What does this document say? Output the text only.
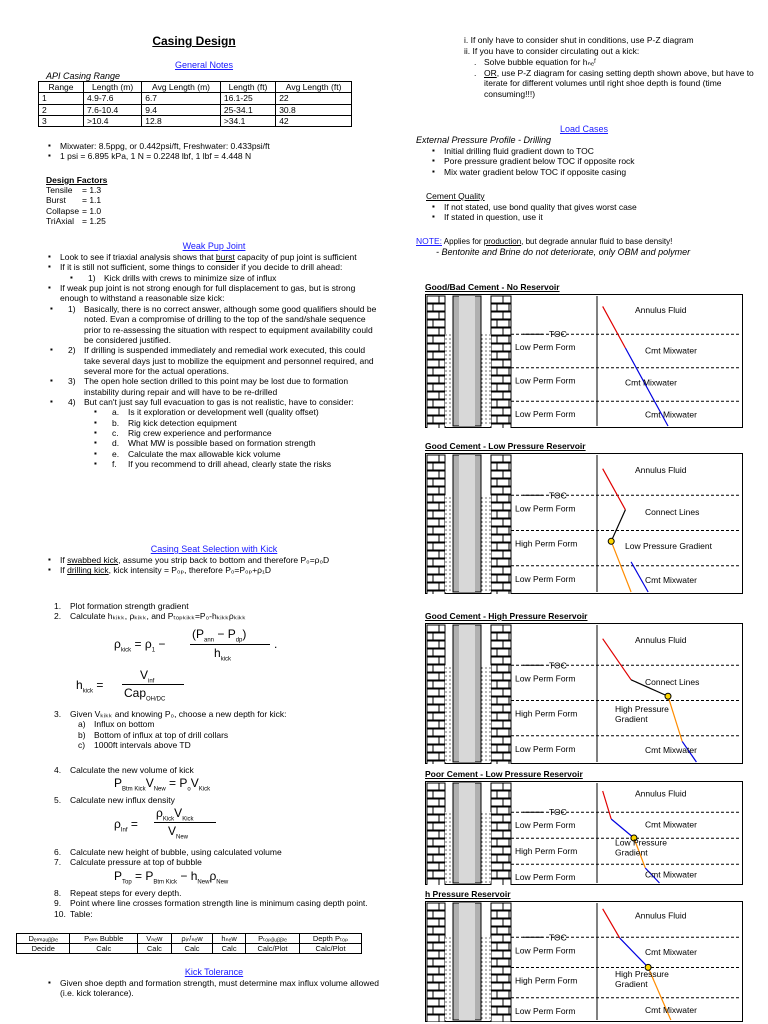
Casing Design
General Notes
API Casing Range
Range	Length (m)	Avg Length (m)	Length (ft)	Avg Length (ft)
1	4.9-7.6	6.7	16.1-25	22
2	7.6-10.4	9.4	25-34.1	30.8
3	>10.4	12.8	>34.1	42
▪ Mixwater: 8.5ppg, or 0.442psi/ft, Freshwater: 0.433psi/ft
▪ 1 psi = 6.895 kPa, 1 N = 0.2248 lbf, 1 lbf = 4.448 N
Design Factors
Tensile = 1.3
Burst = 1.1
Collapse = 1.0
TriAxial = 1.25
Weak Pup Joint
▪ Look to see if triaxial analysis shows that burst capacity of pup joint is sufficient
▪ If it is still not sufficient, some things to consider if you decide to drill ahead:
▪ 1) Kick drills with crews to minimize size of influx
▪ If weak pup joint is not strong enough for full displacement to gas, but is strong enough to withstand a reasonable size kick:
▪ 1) Basically, there is no correct answer, although some good qualifiers should be noted. Evan a compromise of drilling to the top of the sand/shale sequence prior to re-assessing the situation with respect to equipment availability could be considered justified.
▪ 2) If drilling is suspended immediately and remedial work executed, this could take several days just to mobilize the equipment and personnel required, and several more for the actual operations.
▪ 3) The open hole section drilled to this point may be lost due to formation instability during repair and will have to be re-drilled
▪ 4) But can't just say full evacuation to gas is not realistic, have to consider:
▪ a. Is it exploration or development well (quality offset)
▪ b. Rig kick detection equipment
▪ c. Rig crew experience and performance
▪ d. What MW is possible based on formation strength
▪ e. Calculate the max allowable kick volume
▪ f. If you recommend to drill ahead, clearly state the risks
Casing Seat Selection with Kick
▪ If swabbed kick, assume you strip back to bottom and therefore P₀=ρ₀D
▪ If drilling kick, kick intensity = P₀ₚ, therefore P₀=P₀ₚ+ρ₁D
1. Plot formation strength gradient
2. Calculate hₖᵢₖₖ, ρₖᵢₖₖ, and Pₜₒₚₖᵢₖₖ=P₀-hₖᵢₖₖρₖᵢₖₖ
$\rho_{kick} = \rho_1$ −
$(P_{ann} - P_{dp})$
$h_{kick}$
.
$h_{kick}$ =
$V_{inf}$
Cap$_{OH/DC}$
3. Given Vₖᵢₖₖ and knowing P₀, choose a new depth for kick:
a) Influx on bottom
b) Bottom of influx at top of drill collars
c) 1000ft intervals above TD
4. Calculate the new volume of kick
$P_{Btm Kick}V_{New} = P_oV_{Kick}$
5. Calculate new influx density
$\rho_{Inf}$ =
$\rho_{Kick}V_{Kick}$
$V_{New}$
6. Calculate new height of bubble, using calculated volume
7. Calculate pressure at top of bubble
$P_{Top} = P_{Btm Kick} - h_{New}\rho_{New}$
8. Repeat steps for every depth.
9. Point where line crosses formation strength line is minimum casing depth point.
10. Table:
Dₑₗₘₔᵤᵦᵦₗₑ	Pₑₗₘ Bubble	Vₙₑw	ρᵢₙᶠₙₑw	hₙₑw	Pₜₒₚᵦᵤᵦᵦₗₑ	Depth Pₜₒₚ
Decide	Calc	Calc	Calc	Calc	Calc/Plot	Calc/Plot
Kick Tolerance
▪ Given shoe depth and formation strength, must determine max influx volume allowed (i.e. kick tolerance).
i. If only have to consider shut in conditions, use P-Z diagram
ii. If you have to consider circulating out a kick:
. Solve bubble equation for hₙₑᶠ
. OR, use P-Z diagram for casing setting depth shown above, but have to iterate for different volumes until right shoe depth is found (time consuming!!!)
Load Cases
External Pressure Profile - Drilling
▪ Initial drilling fluid gradient down to TOC
▪ Pore pressure gradient below TOC if opposite rock
▪ Mix water gradient below TOC if opposite casing
Cement Quality
▪ If not stated, use bond quality that gives worst case
▪ If stated in question, use it
NOTE: Applies for production, but degrade annular fluid to base density!
- Bentonite and Brine do not deteriorate, only OBM and polymer
Good/Bad Cement - No Reservoir
TOC
Low Perm Form
Low Perm Form
Low Perm Form
Annulus Fluid
Cmt Mixwater
Cmt Mixwater
Cmt Mixwater
Good Cement - Low Pressure Reservoir
TOC
Low Perm Form
High Perm Form
Low Perm Form
Annulus Fluid
Connect Lines
Low Pressure Gradient
Cmt Mixwater
Good Cement - High Pressure Reservoir
TOC
Low Perm Form
High Perm Form
Low Perm Form
Annulus Fluid
Connect Lines
High Pressure
Gradient
Cmt Mixwater
Poor Cement - Low Pressure Reservoir
TOC
Low Perm Form
High Perm Form
Low Perm Form
Annulus Fluid
Cmt Mixwater
Low Pressure
Gradient
Cmt Mixwater
h Pressure Reservoir
TOC
Low Perm Form
High Perm Form
Low Perm Form
Annulus Fluid
Cmt Mixwater
High Pressure
Gradient
Cmt Mixwater
